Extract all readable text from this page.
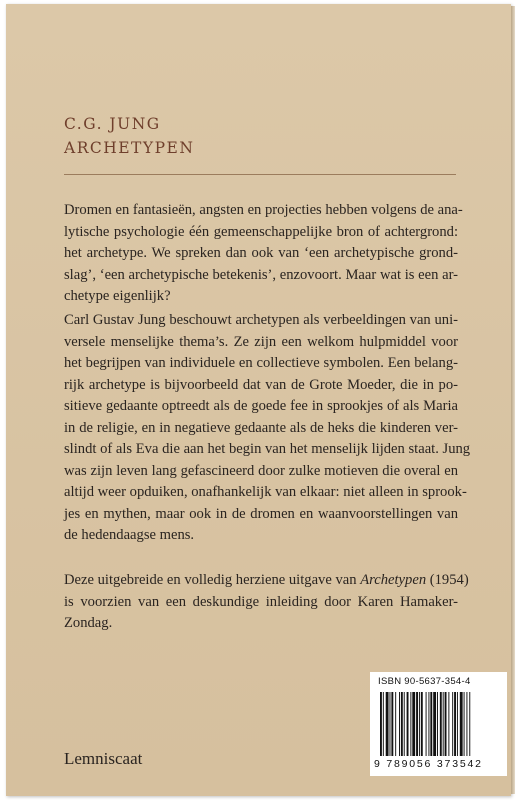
C.G. JUNG
ARCHETYPEN

Dromen en fantasieën, angsten en projecties hebben volgens de ana-
lytische psychologie één gemeenschappelijke bron of achtergrond:
het archetype. We spreken dan ook van ‘een archetypische grond-
slag’, ‘een archetypische betekenis’, enzovoort. Maar wat is een ar-
chetype eigenlijk?

Carl Gustav Jung beschouwt archetypen als verbeeldingen van uni-
versele menselijke thema’s. Ze zijn een welkom hulpmiddel voor
het begrijpen van individuele en collectieve symbolen. Een belang-
rijk archetype is bijvoorbeeld dat van de Grote Moeder, die in po-
sitieve gedaante optreedt als de goede fee in sprookjes of als Maria
in de religie, en in negatieve gedaante als de heks die kinderen ver-
slindt of als Eva die aan het begin van het menselijk lijden staat. Jung
was zijn leven lang gefascineerd door zulke motieven die overal en
altijd weer opduiken, onafhankelijk van elkaar: niet alleen in sprook-
jes en mythen, maar ook in de dromen en waanvoorstellingen van
de hedendaagse mens.

Deze uitgebreide en volledig herziene uitgave van Archetypen (1954)
is voorzien van een deskundige inleiding door Karen Hamaker-
Zondag.

Lemniscaat
ISBN 90-5637-354-4
9 789056 373542
